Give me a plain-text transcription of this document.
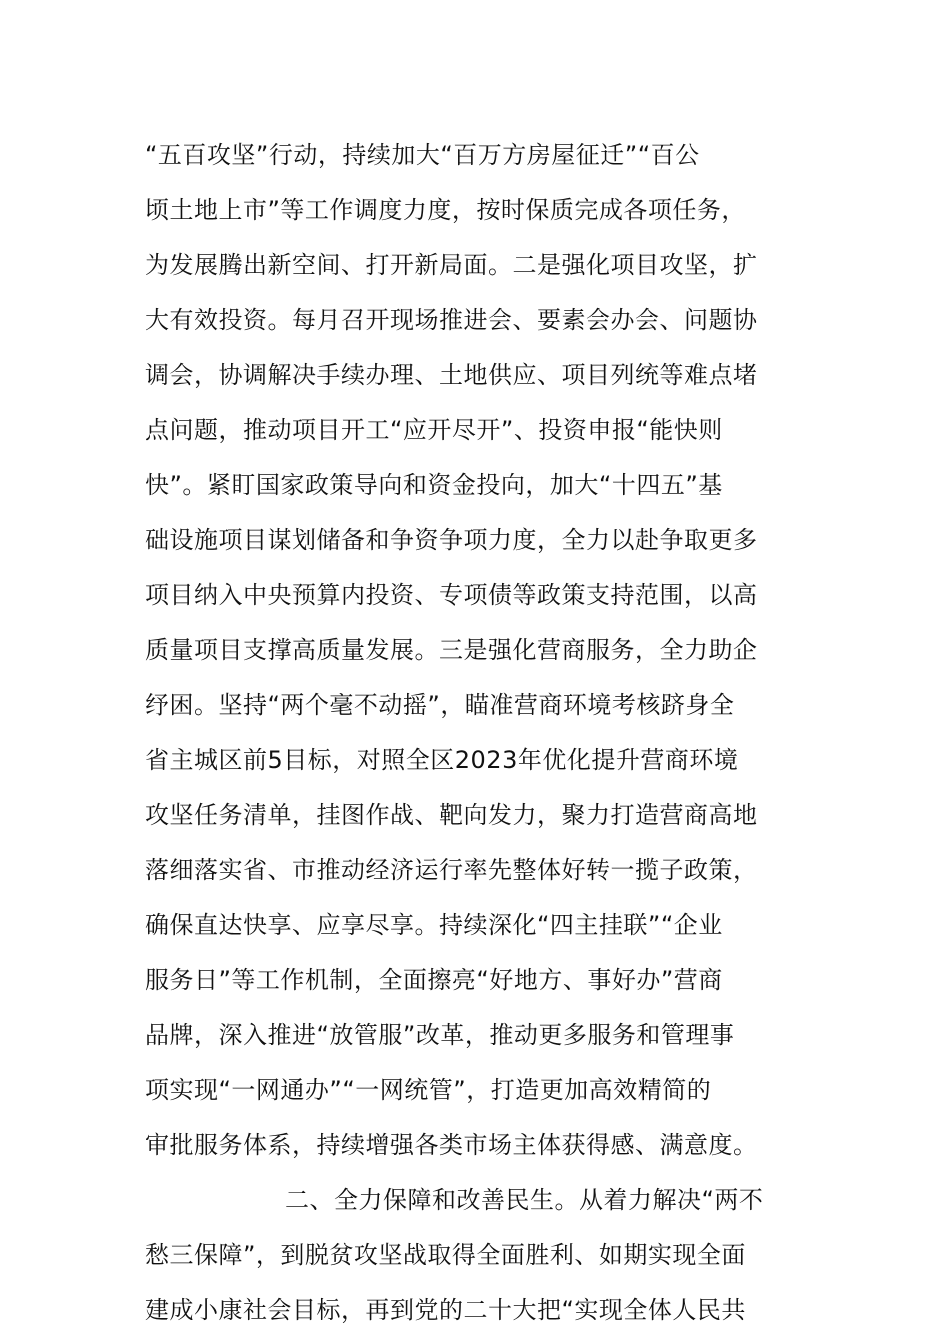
“五百攻坚”行动，持续加大“百万方房屋征迁”“百公
顷土地上市”等工作调度力度，按时保质完成各项任务，
为发展腾出新空间、打开新局面。二是强化项目攻坚，扩
大有效投资。每月召开现场推进会、要素会办会、问题协
调会，协调解决手续办理、土地供应、项目列统等难点堵
点问题，推动项目开工“应开尽开”、投资申报“能快则
快”。紧盯国家政策导向和资金投向，加大“十四五”基
础设施项目谋划储备和争资争项力度，全力以赴争取更多
项目纳入中央预算内投资、专项债等政策支持范围，以高
质量项目支撑高质量发展。三是强化营商服务，全力助企
纾困。坚持“两个毫不动摇”，瞄准营商环境考核跻身全
省主城区前5目标，对照全区2023年优化提升营商环境
攻坚任务清单，挂图作战、靶向发力，聚力打造营商高地
落细落实省、市推动经济运行率先整体好转一揽子政策，
确保直达快享、应享尽享。持续深化“四主挂联”“企业
服务日”等工作机制，全面擦亮“好地方、事好办”营商
品牌，深入推进“放管服”改革，推动更多服务和管理事
项实现“一网通办”“一网统管”，打造更加高效精简的
审批服务体系，持续增强各类市场主体获得感、满意度。
二、全力保障和改善民生。从着力解决“两不
愁三保障”，到脱贫攻坚战取得全面胜利、如期实现全面
建成小康社会目标，再到党的二十大把“实现全体人民共
